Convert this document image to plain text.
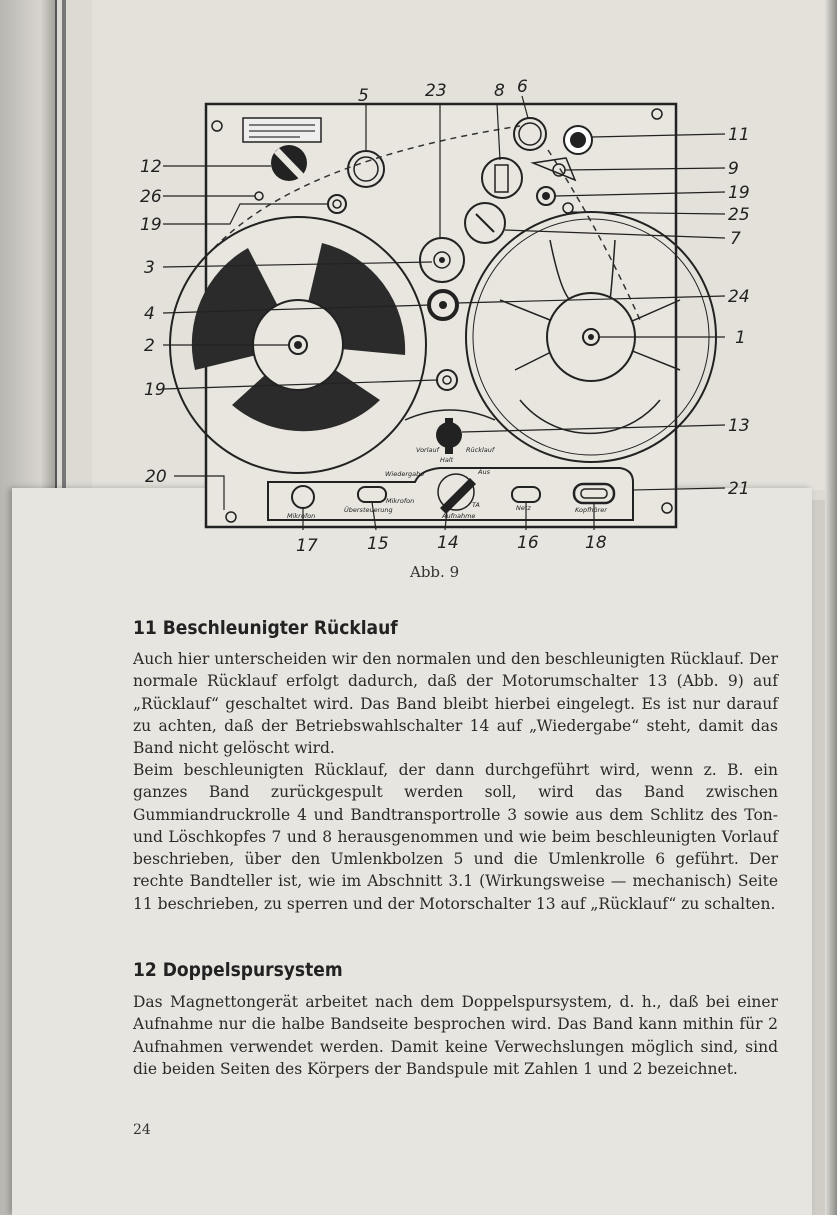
Vorlauf
Halt
Rücklauf
Wiedergabe	Aus
Mikrofon	TA
Aufnahme
Mikrofon
Übersteuerung	Netz	Kopfhörer
5	23	8 6
12
26
19
3
4
2
19
20
11
9
19
25
7
24
1
13
21
17	15	14	16	18
Abb. 9
11 Beschleunigter Rücklauf

Auch hier unterscheiden wir den normalen und den beschleunigten Rücklauf. Der normale Rücklauf erfolgt dadurch, daß der Motorumschalter 13 (Abb. 9) auf „Rücklauf“ geschaltet wird. Das Band bleibt hierbei eingelegt. Es ist nur darauf zu achten, daß der Betriebswahlschalter 14 auf „Wiedergabe“ steht, damit das Band nicht gelöscht wird.

Beim beschleunigten Rücklauf, der dann durchgeführt wird, wenn z. B. ein ganzes Band zurückgespult werden soll, wird das Band zwischen Gummiandruckrolle 4 und Bandtransportrolle 3 sowie aus dem Schlitz des Ton- und Löschkopfes 7 und 8 herausgenommen und wie beim beschleunigten Vorlauf beschrieben, über den Umlenkbolzen 5 und die Umlenkrolle 6 geführt. Der rechte Bandteller ist, wie im Abschnitt 3.1 (Wirkungsweise — mechanisch) Seite 11 beschrieben, zu sperren und der Motorschalter 13 auf „Rücklauf“ zu schalten.

12 Doppelspursystem

Das Magnettongerät arbeitet nach dem Doppelspursystem, d. h., daß bei einer Aufnahme nur die halbe Bandseite besprochen wird. Das Band kann mithin für 2 Aufnahmen verwendet werden. Damit keine Verwechslungen möglich sind, sind die beiden Seiten des Körpers der Bandspule mit Zahlen 1 und 2 bezeichnet.

24
